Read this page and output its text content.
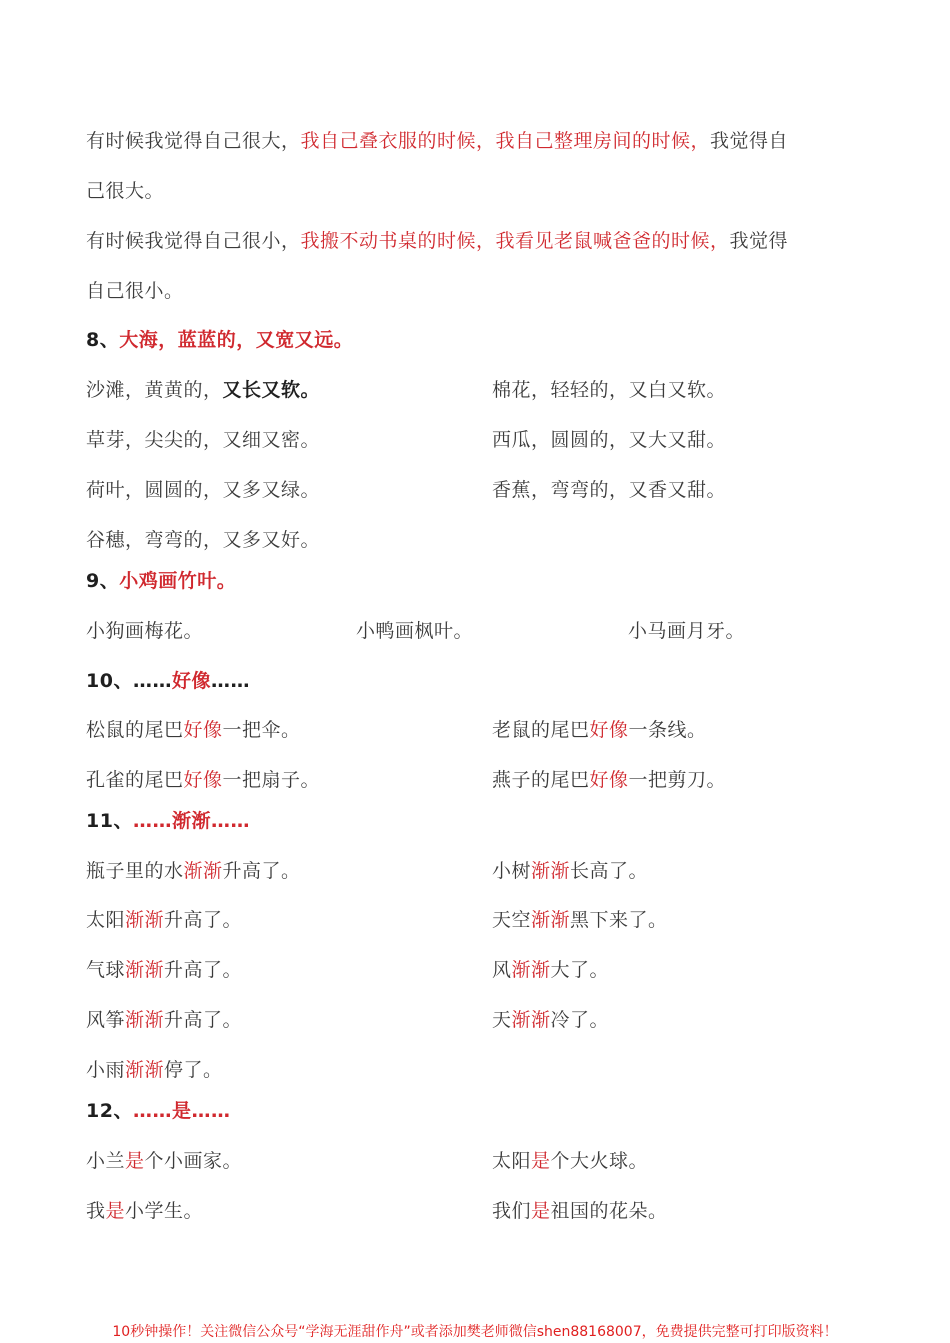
有时候我觉得自己很大，我自己叠衣服的时候，我自己整理房间的时候，我觉得自
己很大。
有时候我觉得自己很小，我搬不动书桌的时候，我看见老鼠喊爸爸的时候，我觉得
自己很小。
8、大海，蓝蓝的，又宽又远。
沙滩，黄黄的，又长又软。	棉花，轻轻的，又白又软。
草芽，尖尖的，又细又密。	西瓜，圆圆的，又大又甜。
荷叶，圆圆的，又多又绿。	香蕉，弯弯的，又香又甜。
谷穗，弯弯的，又多又好。
9、小鸡画竹叶。
小狗画梅花。	小鸭画枫叶。	小马画月牙。
10、……好像……
松鼠的尾巴好像一把伞。	老鼠的尾巴好像一条线。
孔雀的尾巴好像一把扇子。	燕子的尾巴好像一把剪刀。
11、……渐渐……
瓶子里的水渐渐升高了。	小树渐渐长高了。
太阳渐渐升高了。	天空渐渐黑下来了。
气球渐渐升高了。	风渐渐大了。
风筝渐渐升高了。	天渐渐冷了。
小雨渐渐停了。
12、……是……
小兰是个小画家。	太阳是个大火球。
我是小学生。	我们是祖国的花朵。
10秒钟操作！关注微信公众号“学海无涯甜作舟”或者添加樊老师微信shen88168007，免费提供完整可打印版资料！
